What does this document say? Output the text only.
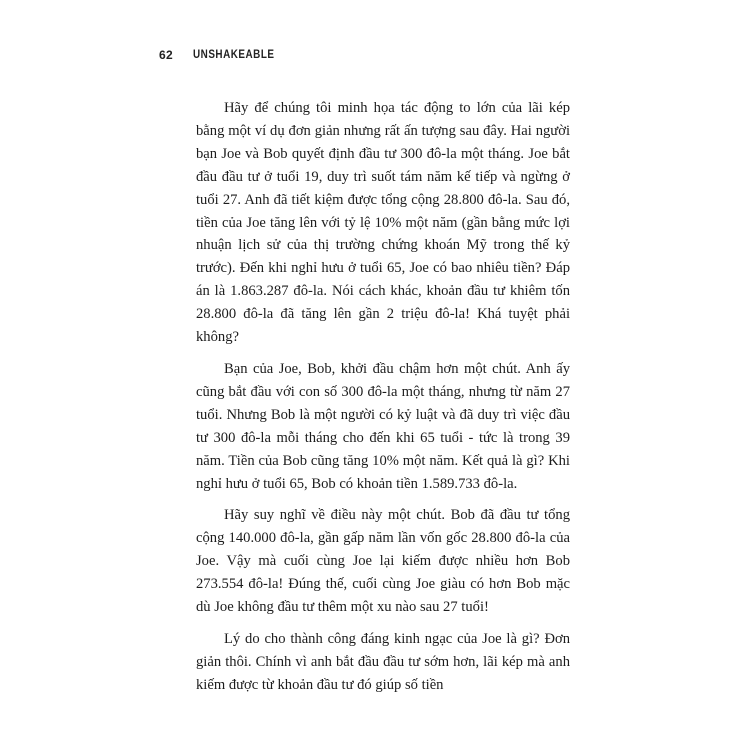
62 UNSHAKEABLE

Hãy để chúng tôi minh họa tác động to lớn của lãi kép bằng một ví dụ đơn giản nhưng rất ấn tượng sau đây. Hai người bạn Joe và Bob quyết định đầu tư 300 đô-la một tháng. Joe bắt đầu đầu tư ở tuổi 19, duy trì suốt tám năm kế tiếp và ngừng ở tuổi 27. Anh đã tiết kiệm được tổng cộng 28.800 đô-la. Sau đó, tiền của Joe tăng lên với tỷ lệ 10% một năm (gần bằng mức lợi nhuận lịch sử của thị trường chứng khoán Mỹ trong thế kỷ trước). Đến khi nghỉ hưu ở tuổi 65, Joe có bao nhiêu tiền? Đáp án là 1.863.287 đô-la. Nói cách khác, khoản đầu tư khiêm tốn 28.800 đô-la đã tăng lên gần 2 triệu đô-la! Khá tuyệt phải không?

Bạn của Joe, Bob, khởi đầu chậm hơn một chút. Anh ấy cũng bắt đầu với con số 300 đô-la một tháng, nhưng từ năm 27 tuổi. Nhưng Bob là một người có kỷ luật và đã duy trì việc đầu tư 300 đô-la mỗi tháng cho đến khi 65 tuổi - tức là trong 39 năm. Tiền của Bob cũng tăng 10% một năm. Kết quả là gì? Khi nghỉ hưu ở tuổi 65, Bob có khoản tiền 1.589.733 đô-la.

Hãy suy nghĩ về điều này một chút. Bob đã đầu tư tổng cộng 140.000 đô-la, gần gấp năm lần vốn gốc 28.800 đô-la của Joe. Vậy mà cuối cùng Joe lại kiếm được nhiều hơn Bob 273.554 đô-la! Đúng thế, cuối cùng Joe giàu có hơn Bob mặc dù Joe không đầu tư thêm một xu nào sau 27 tuổi!

Lý do cho thành công đáng kinh ngạc của Joe là gì? Đơn giản thôi. Chính vì anh bắt đầu đầu tư sớm hơn, lãi kép mà anh kiếm được từ khoản đầu tư đó giúp số tiền
